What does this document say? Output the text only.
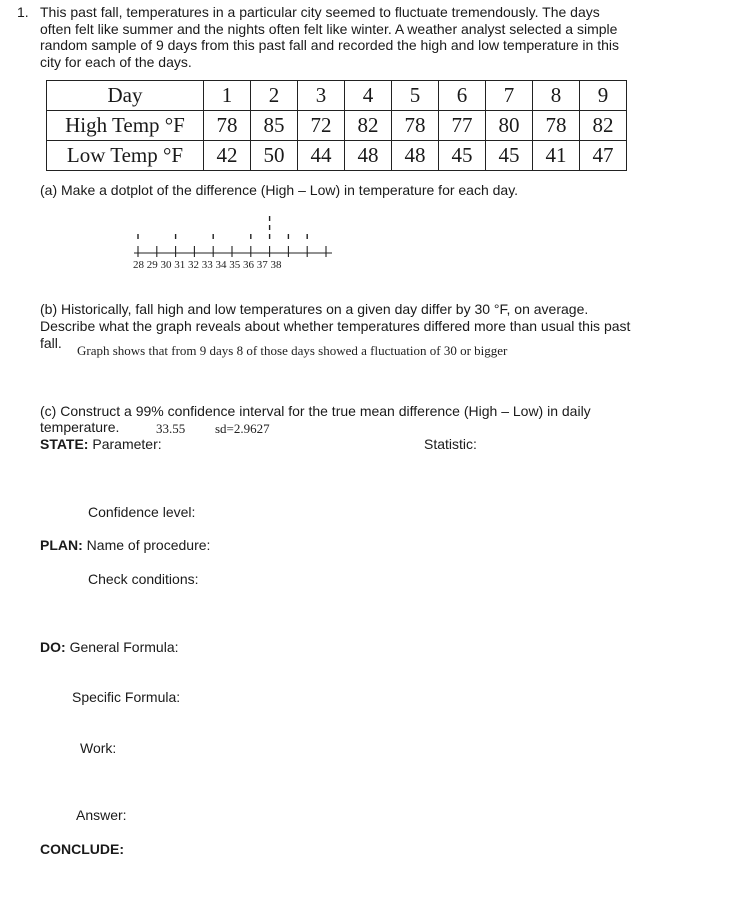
1. This past fall, temperatures in a particular city seemed to fluctuate tremendously. The days
often felt like summer and the nights often felt like winter. A weather analyst selected a simple
random sample of 9 days from this past fall and recorded the high and low temperature in this
city for each of the days.
Day	1	2	3	4	5	6	7	8	9
High Temp °F	78	85	72	82	78	77	80	78	82
Low Temp °F	42	50	44	48	48	45	45	41	47
(a) Make a dotplot of the difference (High – Low) in temperature for each day.
28 29 30 31 32 33 34 35 36 37 38
(b) Historically, fall high and low temperatures on a given day differ by 30 °F, on average.
Describe what the graph reveals about whether temperatures differed more than usual this past
fall. Graph shows that from 9 days 8 of those days showed a fluctuation of 30 or bigger
(c) Construct a 99% confidence interval for the true mean difference (High – Low) in daily
temperature.	33.55 sd=2.9627
STATE: Parameter:	Statistic:
Confidence level:
PLAN: Name of procedure:
Check conditions:
DO: General Formula:
Specific Formula:
Work:
Answer:
CONCLUDE:
